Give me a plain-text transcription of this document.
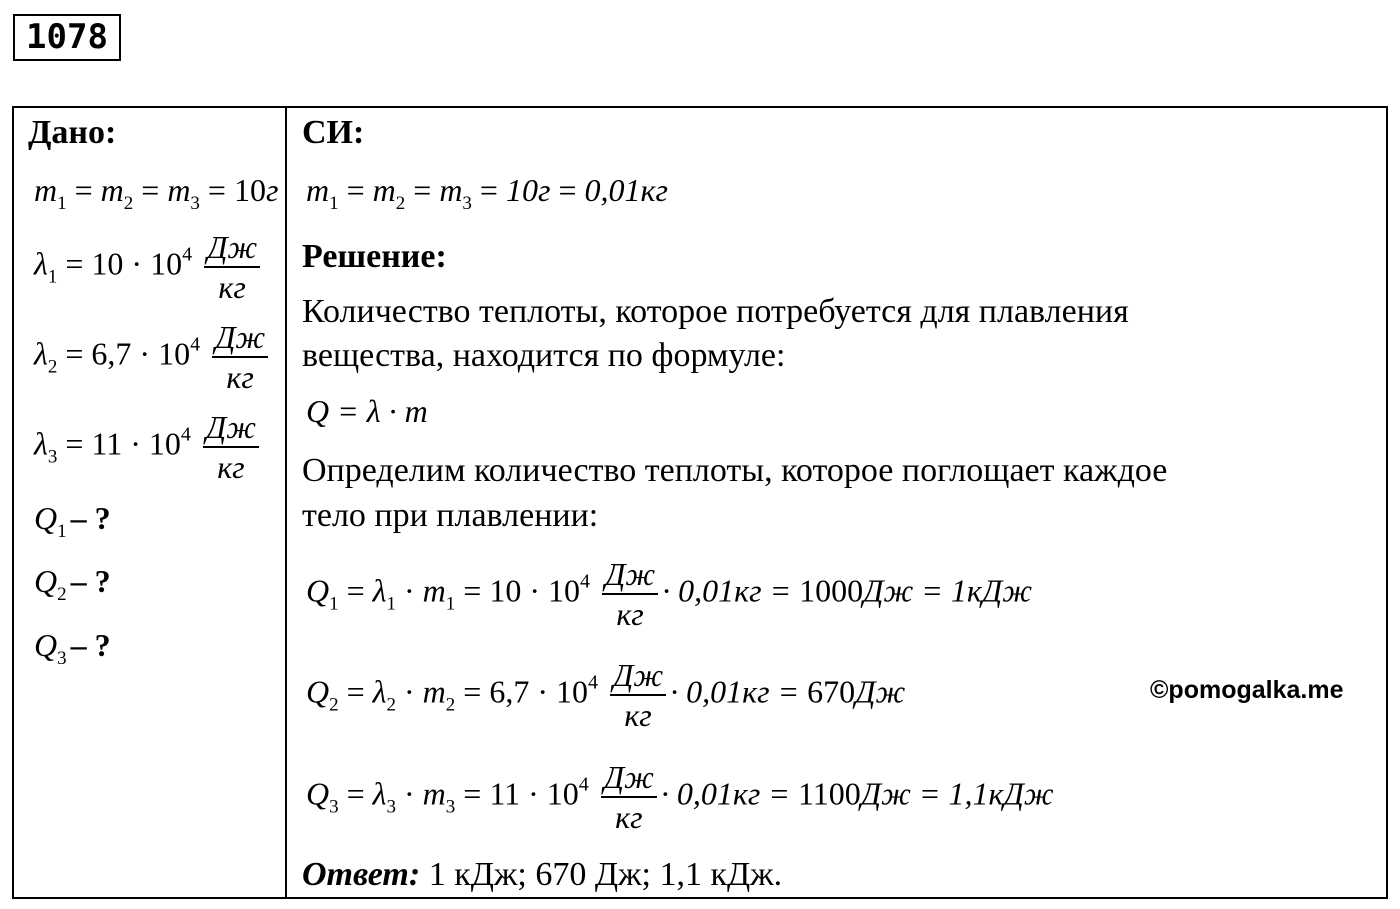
1078
Дано:
$m_1 = m_2 = m_3 = 10г$
$\lambda_1 = 10 \cdot 10^4 \frac{Дж}{кг}$
$\lambda_2 = 6,7 \cdot 10^4 \frac{Дж}{кг}$
$\lambda_3 = 11 \cdot 10^4 \frac{Дж}{кг}$
$Q_1$ – ?
$Q_2$ – ?
$Q_3$ – ?
СИ:
$m_1 = m_2 = m_3 = 10г = 0,01кг$
Решение:
Количество теплоты, которое потребуется для плавления
вещества, находится по формуле:
Q = λ · m
Определим количество теплоты, которое поглощает каждое
тело при плавлении:
$Q_1 = \lambda_1 \cdot m_1 = 10 \cdot 10^4 \frac{Дж}{кг} \cdot 0,01кг = 1000Дж = 1кДж$
$Q_2 = \lambda_2 \cdot m_2 = 6,7 \cdot 10^4 \frac{Дж}{кг} \cdot 0,01кг = 670Дж$
$Q_3 = \lambda_3 \cdot m_3 = 11 \cdot 10^4 \frac{Дж}{кг} \cdot 0,01кг = 1100Дж = 1,1кДж$
Ответ: 1 кДж; 670 Дж; 1,1 кДж.
©pomogalka.me
